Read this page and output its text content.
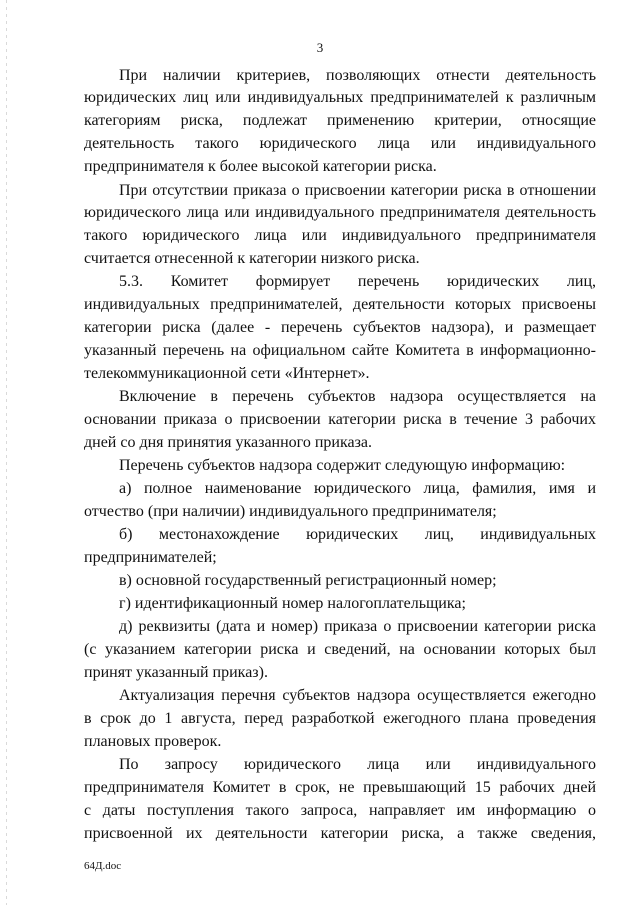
3
При наличии критериев, позволяющих отнести деятельность
юридических лиц или индивидуальных предпринимателей к различным
категориям риска, подлежат применению критерии, относящие
деятельность такого юридического лица или индивидуального
предпринимателя к более высокой категории риска.
При отсутствии приказа о присвоении категории риска в отношении
юридического лица или индивидуального предпринимателя деятельность
такого юридического лица или индивидуального предпринимателя
считается отнесенной к категории низкого риска.
5.3. Комитет формирует перечень юридических лиц,
индивидуальных предпринимателей, деятельности которых присвоены
категории риска (далее - перечень субъектов надзора), и размещает
указанный перечень на официальном сайте Комитета в информационно-
телекоммуникационной сети «Интернет».
Включение в перечень субъектов надзора осуществляется на
основании приказа о присвоении категории риска в течение 3 рабочих
дней со дня принятия указанного приказа.
Перечень субъектов надзора содержит следующую информацию:
а) полное наименование юридического лица, фамилия, имя и
отчество (при наличии) индивидуального предпринимателя;
б) местонахождение юридических лиц, индивидуальных
предпринимателей;
в) основной государственный регистрационный номер;
г) идентификационный номер налогоплательщика;
д) реквизиты (дата и номер) приказа о присвоении категории риска
(с указанием категории риска и сведений, на основании которых был
принят указанный приказ).
Актуализация перечня субъектов надзора осуществляется ежегодно
в срок до 1 августа, перед разработкой ежегодного плана проведения
плановых проверок.
По запросу юридического лица или индивидуального
предпринимателя Комитет в срок, не превышающий 15 рабочих дней
с даты поступления такого запроса, направляет им информацию о
присвоенной их деятельности категории риска, а также сведения,
64Д.doc
